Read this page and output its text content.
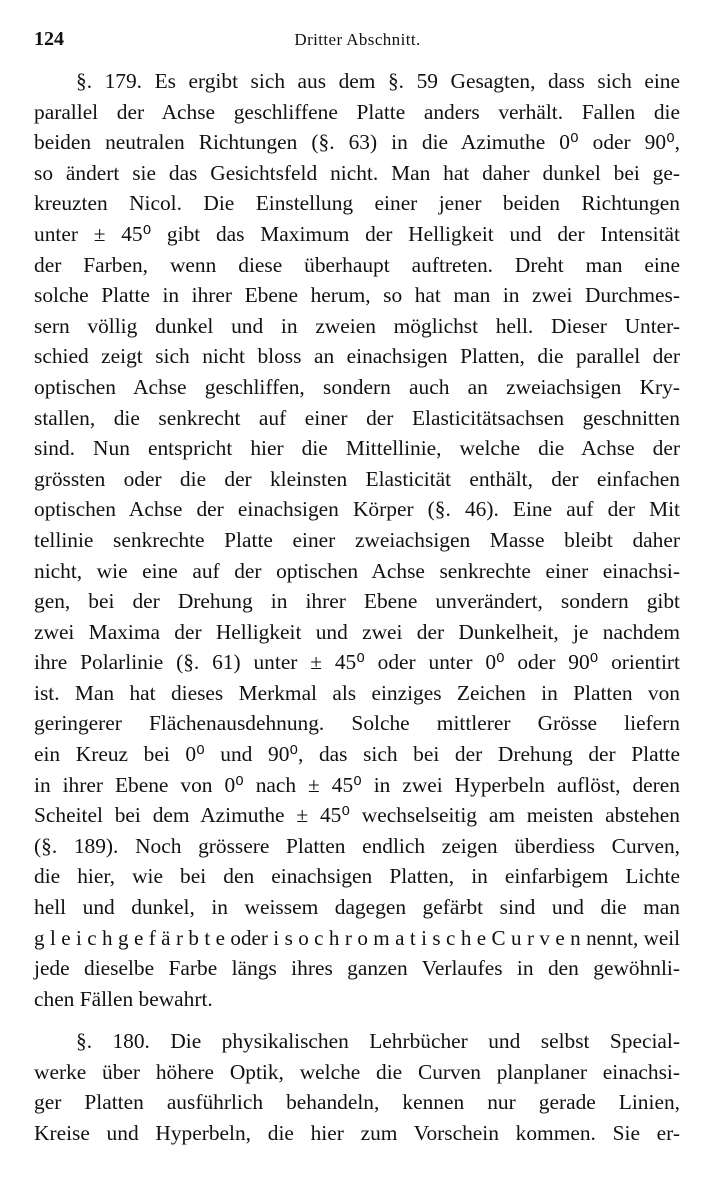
124	Dritter Abschnitt.
§. 179. Es ergibt sich aus dem §. 59 Gesagten, dass sich eine
parallel der Achse geschliffene Platte anders verhält. Fallen die
beiden neutralen Richtungen (§. 63) in die Azimuthe 0⁰ oder 90⁰,
so ändert sie das Gesichtsfeld nicht. Man hat daher dunkel bei ge-
kreuzten Nicol. Die Einstellung einer jener beiden Richtungen
unter ± 45⁰ gibt das Maximum der Helligkeit und der Intensität
der Farben, wenn diese überhaupt auftreten. Dreht man eine
solche Platte in ihrer Ebene herum, so hat man in zwei Durchmes-
sern völlig dunkel und in zweien möglichst hell. Dieser Unter-
schied zeigt sich nicht bloss an einachsigen Platten, die parallel der
optischen Achse geschliffen, sondern auch an zweiachsigen Kry-
stallen, die senkrecht auf einer der Elasticitätsachsen geschnitten
sind. Nun entspricht hier die Mittellinie, welche die Achse der
grössten oder die der kleinsten Elasticität enthält, der einfachen
optischen Achse der einachsigen Körper (§. 46). Eine auf der Mit
tellinie senkrechte Platte einer zweiachsigen Masse bleibt daher
nicht, wie eine auf der optischen Achse senkrechte einer einachsi-
gen, bei der Drehung in ihrer Ebene unverändert, sondern gibt
zwei Maxima der Helligkeit und zwei der Dunkelheit, je nachdem
ihre Polarlinie (§. 61) unter ± 45⁰ oder unter 0⁰ oder 90⁰ orientirt
ist. Man hat dieses Merkmal als einziges Zeichen in Platten von
geringerer Flächenausdehnung. Solche mittlerer Grösse liefern
ein Kreuz bei 0⁰ und 90⁰, das sich bei der Drehung der Platte
in ihrer Ebene von 0⁰ nach ± 45⁰ in zwei Hyperbeln auflöst, deren
Scheitel bei dem Azimuthe ± 45⁰ wechselseitig am meisten abstehen
(§. 189). Noch grössere Platten endlich zeigen überdiess Curven,
die hier, wie bei den einachsigen Platten, in einfarbigem Lichte
hell und dunkel, in weissem dagegen gefärbt sind und die man
g l e i c h g e f ä r b t e oder i s o c h r o m a t i s c h e C u r v e n nennt, weil
jede dieselbe Farbe längs ihres ganzen Verlaufes in den gewöhnli-
chen Fällen bewahrt.
§. 180. Die physikalischen Lehrbücher und selbst Special-
werke über höhere Optik, welche die Curven planplaner einachsi-
ger Platten ausführlich behandeln, kennen nur gerade Linien,
Kreise und Hyperbeln, die hier zum Vorschein kommen. Sie er-
